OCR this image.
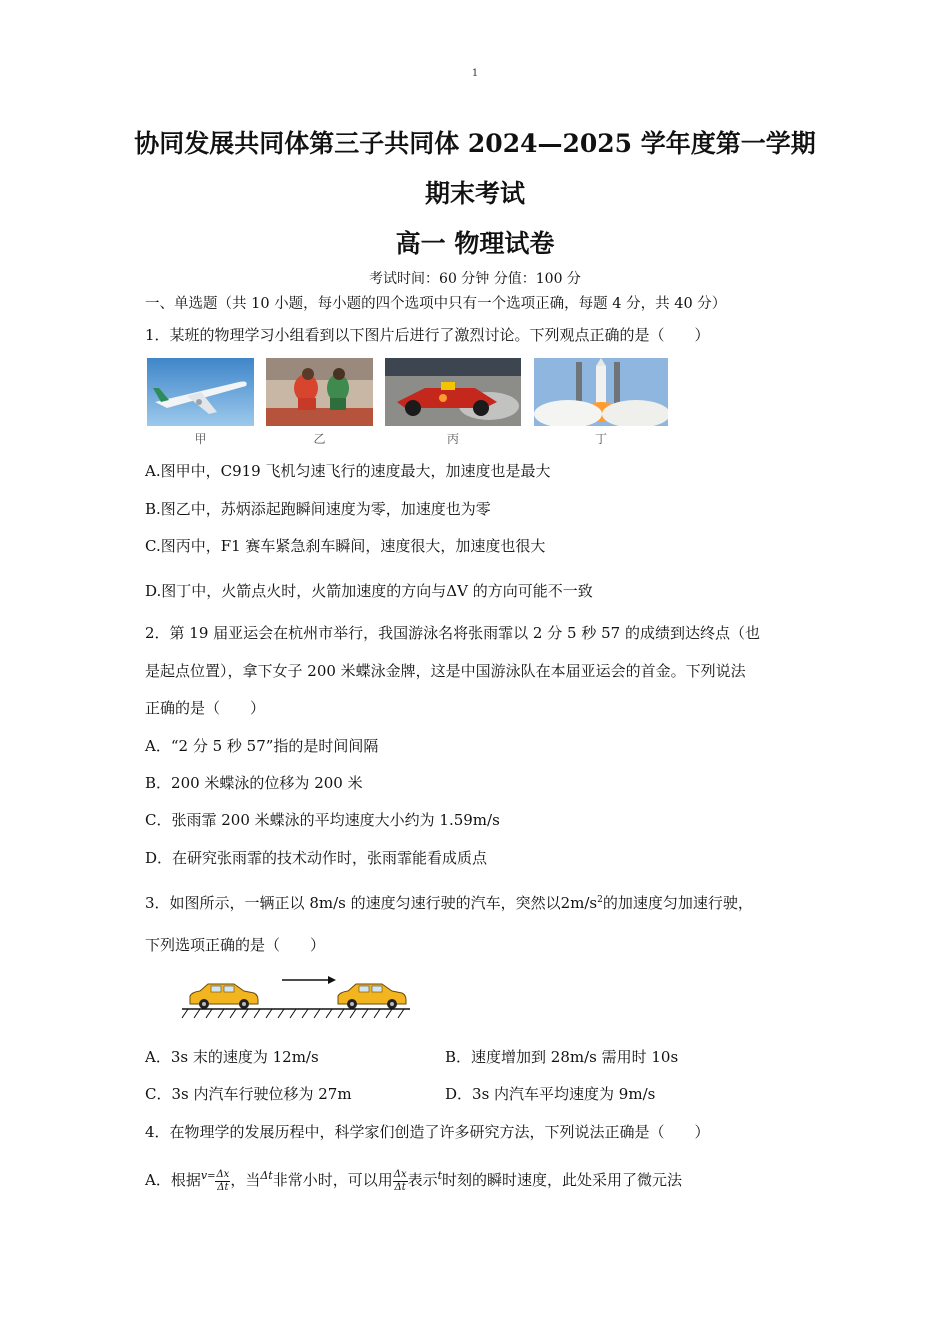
1
协同发展共同体第三子共同体 2024—2025 学年度第一学期
期末考试
高一 物理试卷
考试时间：60 分钟 分值：100 分
一、单选题（共 10 小题，每小题的四个选项中只有一个选项正确，每题 4 分，共 40 分）
1．某班的物理学习小组看到以下图片后进行了激烈讨论。下列观点正确的是（　　）
甲	乙	丙	丁
A.图甲中，C919 飞机匀速飞行的速度最大，加速度也是最大
B.图乙中，苏炳添起跑瞬间速度为零，加速度也为零
C.图丙中，F1 赛车紧急刹车瞬间，速度很大，加速度也很大
D.图丁中，火箭点火时，火箭加速度的方向与ΔV 的方向可能不一致
2．第 19 届亚运会在杭州市举行，我国游泳名将张雨霏以 2 分 5 秒 57 的成绩到达终点（也
是起点位置），拿下女子 200 米蝶泳金牌，这是中国游泳队在本届亚运会的首金。下列说法
正确的是（　　）
A．“2 分 5 秒 57”指的是时间间隔
B．200 米蝶泳的位移为 200 米
C．张雨霏 200 米蝶泳的平均速度大小约为 1.59m/s
D．在研究张雨霏的技术动作时，张雨霏能看成质点
3．如图所示，一辆正以 8m/s 的速度匀速行驶的汽车，突然以$2m/s^2$的加速度匀加速行驶，
下列选项正确的是（　　）
A．3s 末的速度为 12m/s	B．速度增加到 28m/s 需用时 10s
C．3s 内汽车行驶位移为 27m	D．3s 内汽车平均速度为 9m/s
4．在物理学的发展历程中，科学家们创造了许多研究方法，下列说法正确是（　　）
A．根据$^{v=} \frac{\Delta x}{\Delta t}$ ，当$^{\Delta t}$非常小时，可以用 $\frac{\Delta x}{\Delta t}$ 表示$^t$时刻的瞬时速度，此处采用了微元法
